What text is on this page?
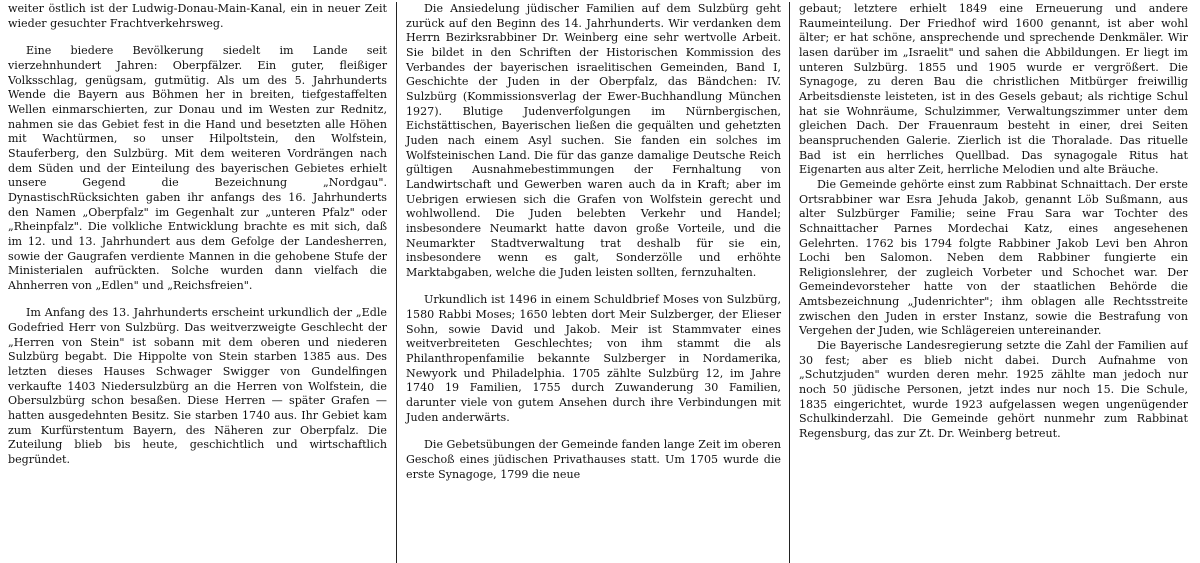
weiter östlich ist der Ludwig-Donau-Main-Kanal, ein in neuer Zeit wieder gesuchter Frachtverkehrsweg.

Eine biedere Bevölkerung siedelt im Lande seit vierzehnhundert Jahren: Oberpfälzer. Ein guter, fleißiger Volksschlag, genügsam, gutmütig. Als um des 5. Jahrhunderts Wende die Bayern aus Böhmen her in breiten, tiefgestaffelten Wellen einmarschierten, zur Donau und im Westen zur Rednitz, nahmen sie das Gebiet fest in die Hand und besetzten alle Höhen mit Wachtürmen, so unser Hilpoltstein, den Wolfstein, Stauferberg, den Sulzbürg. Mit dem weiteren Vordrängen nach dem Süden und der Einteilung des bayerischen Gebietes erhielt unsere Gegend die Bezeichnung „Nordgau". DynastischRücksichten gaben ihr anfangs des 16. Jahrhunderts den Namen „Oberpfalz" im Gegenhalt zur „unteren Pfalz" oder „Rheinpfalz". Die volkliche Entwicklung brachte es mit sich, daß im 12. und 13. Jahrhundert aus dem Gefolge der Landesherren, sowie der Gaugrafen verdiente Mannen in die gehobene Stufe der Ministerialen aufrückten. Solche wurden dann vielfach die Ahnherren von „Edlen" und „Reichsfreien".

Im Anfang des 13. Jahrhunderts erscheint urkundlich der „Edle Godefried Herr von Sulzbürg. Das weitverzweigte Geschlecht der „Herren von Stein" ist sobann mit dem oberen und niederen Sulzbürg begabt. Die Hippolte von Stein starben 1385 aus. Des letzten dieses Hauses Schwager Swigger von Gundelfingen verkaufte 1403 Niedersulzbürg an die Herren von Wolfstein, die Obersulzbürg schon besaßen. Diese Herren — später Grafen — hatten ausgedehnten Besitz. Sie starben 1740 aus. Ihr Gebiet kam zum Kurfürstentum Bayern, des Näheren zur Oberpfalz. Die Zuteilung blieb bis heute, geschichtlich und wirtschaftlich begründet.

Die Ansiedelung jüdischer Familien auf dem Sulzbürg geht zurück auf den Beginn des 14. Jahrhunderts. Wir verdanken dem Herrn Bezirksrabbiner Dr. Weinberg eine sehr wertvolle Arbeit. Sie bildet in den Schriften der Historischen Kommission des Verbandes der bayerischen israelitischen Gemeinden, Band I, Geschichte der Juden in der Oberpfalz, das Bändchen: IV. Sulzbürg (Kommissionsverlag der Ewer-Buchhandlung München 1927). Blutige Judenverfolgungen im Nürnbergischen, Eichstättischen, Bayerischen ließen die gequälten und gehetzten Juden nach einem Asyl suchen. Sie fanden ein solches im Wolfsteinischen Land. Die für das ganze damalige Deutsche Reich gültigen Ausnahmebestimmungen der Fernhaltung von Landwirtschaft und Gewerben waren auch da in Kraft; aber im Uebrigen erwiesen sich die Grafen von Wolfstein gerecht und wohlwollend. Die Juden belebten Verkehr und Handel; insbesondere Neumarkt hatte davon große Vorteile, und die Neumarkter Stadtverwaltung trat deshalb für sie ein, insbesondere wenn es galt, Sonderzölle und erhöhte Marktabgaben, welche die Juden leisten sollten, fernzuhalten.

Urkundlich ist 1496 in einem Schuldbrief Moses von Sulzbürg, 1580 Rabbi Moses; 1650 lebten dort Meir Sulzberger, der Elieser Sohn, sowie David und Jakob. Meir ist Stammvater eines weitverbreiteten Geschlechtes; von ihm stammt die als Philanthropenfamilie bekannte Sulzberger in Nordamerika, Newyork und Philadelphia. 1705 zählte Sulzbürg 12, im Jahre 1740 19 Familien, 1755 durch Zuwanderung 30 Familien, darunter viele von gutem Ansehen durch ihre Verbindungen mit Juden anderwärts.

Die Gebetsübungen der Gemeinde fanden lange Zeit im oberen Geschoß eines jüdischen Privathauses statt. Um 1705 wurde die erste Synagoge, 1799 die neue

gebaut; letztere erhielt 1849 eine Erneuerung und andere Raumeinteilung. Der Friedhof wird 1600 genannt, ist aber wohl älter; er hat schöne, ansprechende und sprechende Denkmäler. Wir lasen darüber im „Israelit" und sahen die Abbildungen. Er liegt im unteren Sulzbürg. 1855 und 1905 wurde er vergrößert. Die Synagoge, zu deren Bau die christlichen Mitbürger freiwillig Arbeitsdienste leisteten, ist in des Gesels gebaut; als richtige Schul hat sie Wohnräume, Schulzimmer, Verwaltungszimmer unter dem gleichen Dach. Der Frauenraum besteht in einer, drei Seiten beanspruchenden Galerie. Zierlich ist die Thoralade. Das rituelle Bad ist ein herrliches Quellbad. Das synagogale Ritus hat Eigenarten aus alter Zeit, herrliche Melodien und alte Bräuche.

Die Gemeinde gehörte einst zum Rabbinat Schnaittach. Der erste Ortsrabbiner war Esra Jehuda Jakob, genannt Löb Sußmann, aus alter Sulzbürger Familie; seine Frau Sara war Tochter des Schnaittacher Parnes Mordechai Katz, eines angesehenen Gelehrten. 1762 bis 1794 folgte Rabbiner Jakob Levi ben Ahron Lochi ben Salomon. Neben dem Rabbiner fungierte ein Religionslehrer, der zugleich Vorbeter und Schochet war. Der Gemeindevorsteher hatte von der staatlichen Behörde die Amtsbezeichnung „Judenrichter"; ihm oblagen alle Rechtsstreite zwischen den Juden in erster Instanz, sowie die Bestrafung von Vergehen der Juden, wie Schlägereien untereinander.

Die Bayerische Landesregierung setzte die Zahl der Familien auf 30 fest; aber es blieb nicht dabei. Durch Aufnahme von „Schutzjuden" wurden deren mehr. 1925 zählte man jedoch nur noch 50 jüdische Personen, jetzt indes nur noch 15. Die Schule, 1835 eingerichtet, wurde 1923 aufgelassen wegen ungenügender Schulkinderzahl. Die Gemeinde gehört nunmehr zum Rabbinat Regensburg, das zur Zt. Dr. Weinberg betreut.
